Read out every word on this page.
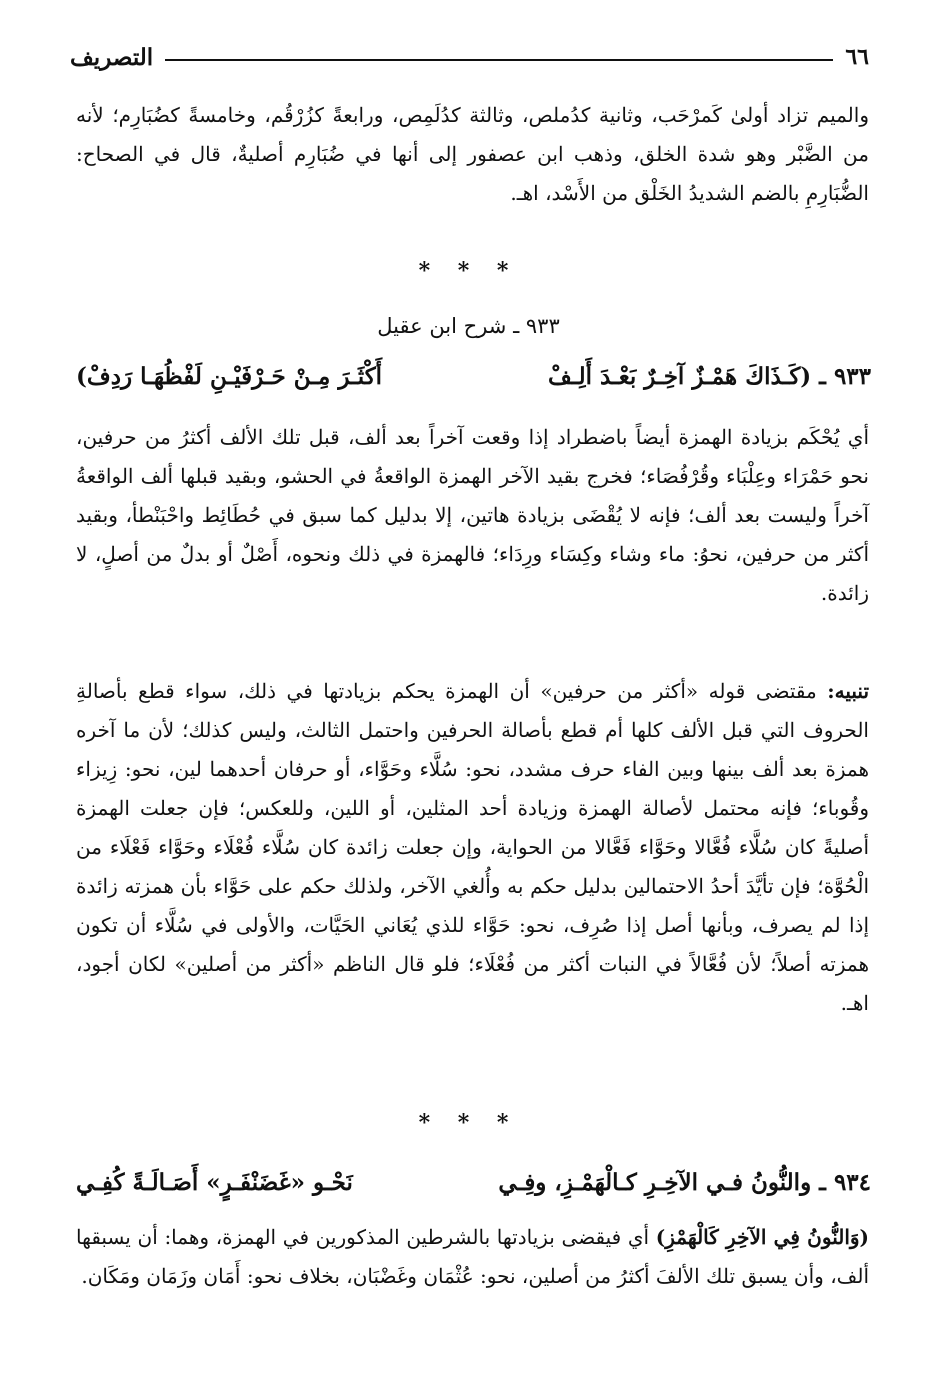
٦٦
التصريف

والميم تزاد أولىٰ كَمرْحَب، وثانية كدُملص، وثالثة كدُلَمِص، ورابعةً كزُرْقُم، وخامسةً كضُبَارِم؛ لأنه من الضَّبْر وهو شدة الخلق، وذهب ابن عصفور إلى أنها في ضُبَارِم أصليةٌ، قال في الصحاح: الضُّبَارِمِ بالضم الشديدُ الخَلْق من الأَسْد، اهـ.

* * *
٩٣٣ ـ شرح ابن عقيل
٩٣٣ ـ (كَـذَاكَ هَمْـزٌ آخِـرٌ بَعْـدَ أَلِـفْ
أَكْثَـرَ مِـنْ حَـرْفَيْـنِ لَفْظُهَـا رَدِفْ)

أي يُحْكَم بزيادة الهمزة أيضاً باضطراد إذا وقعت آخراً بعد ألف، قبل تلك الألف أكثرُ من حرفين، نحو حَمْرَاء وعِلْبَاء وقُرْفُصَاء؛ فخرج بقيد الآخر الهمزة الواقعةُ في الحشو، وبقيد قبلها ألف الواقعةُ آخراً وليست بعد ألف؛ فإنه لا يُقْضَى بزيادة هاتين، إلا بدليل كما سبق في حُطَائِط واحْبَنْطأ، وبقيد أكثر من حرفين، نحوُ: ماء وشاء وكِسَاء ورِدَاء؛ فالهمزة في ذلك ونحوه، أَصْلٌ أو بدلٌ من أصلٍ، لا زائدة.

تنبيه: مقتضى قوله «أكثر من حرفين» أن الهمزة يحكم بزيادتها في ذلك، سواء قطع بأصالةِ الحروف التي قبل الألف كلها أم قطع بأصالة الحرفين واحتمل الثالث، وليس كذلك؛ لأن ما آخره همزة بعد ألف بينها وبين الفاء حرف مشدد، نحو: سُلَّاء وحَوَّاء، أو حرفان أحدهما لين، نحو: زِيزاء وقُوباء؛ فإنه محتمل لأصالة الهمزة وزيادة أحد المثلين، أو اللين، وللعكس؛ فإن جعلت الهمزة أصليةً كان سُلَّاء فُعَّالا وحَوَّاء فَعَّالا من الحواية، وإن جعلت زائدة كان سُلَّاء فُعْلَاء وحَوَّاء فَعْلَاء من الْحُوَّة؛ فإن تأيَّدَ أحدُ الاحتمالين بدليل حكم به وأُلغي الآخر، ولذلك حكم على حَوَّاء بأن همزته زائدة إذا لم يصرف، وبأنها أصل إذا صُرِف، نحو: حَوَّاء للذي يُعَاني الحَيَّات، والأولى في سُلَّاء أن تكون همزته أصلاً؛ لأن فُعَّالاً في النبات أكثر من فُعْلَاء؛ فلو قال الناظم «أكثر من أصلين» لكان أجود، اهـ.

* * *
٩٣٤ ـ والنُّونُ فـي الآخِـرِ كـالْهَمْـزِ، وفِـي
نَحْـو «غَضَنْفَـرٍ» أَصَـالَـةً كُفِـي

(وَالنُّونُ فِي الآخِرِ كَالْهَمْزِ) أي فيقضى بزيادتها بالشرطين المذكورين في الهمزة، وهما: أن يسبقها ألف، وأن يسبق تلك الألفَ أكثرُ من أصلين، نحو: عُثْمَان وغَضْبَان، بخلاف نحو: أَمَان وزَمَان ومَكَان.
